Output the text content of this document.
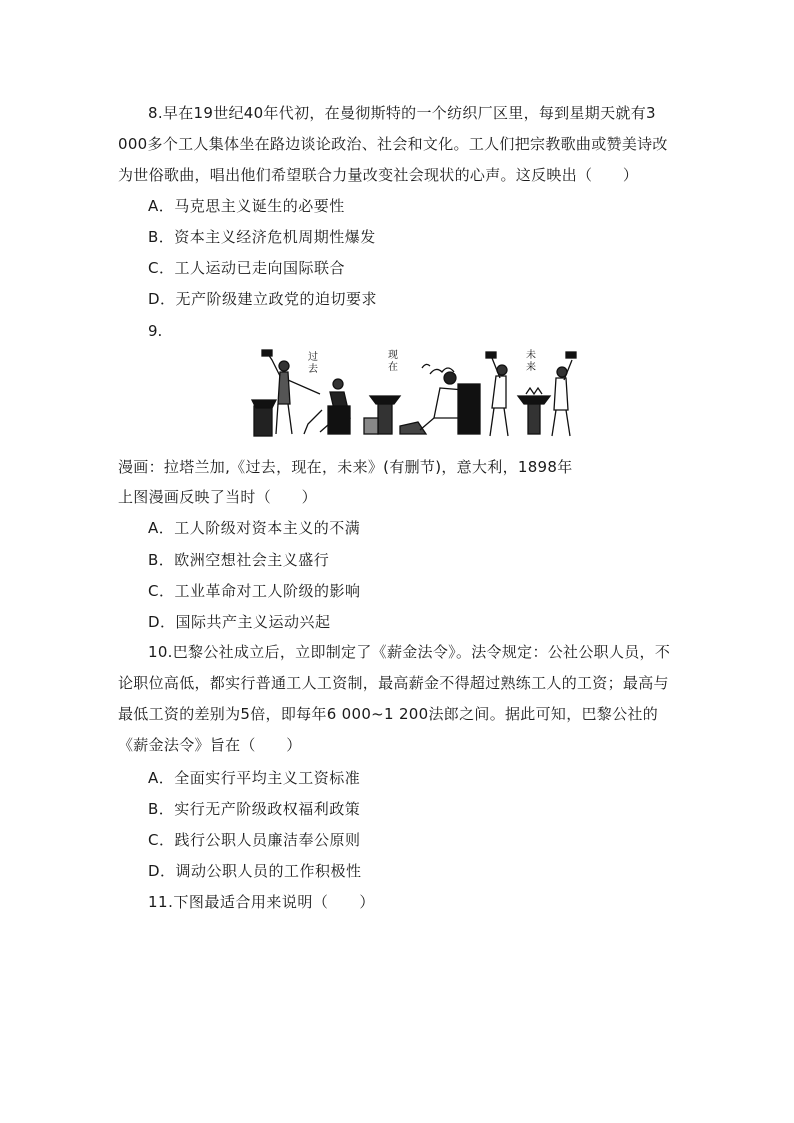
8.早在19世纪40年代初，在曼彻斯特的一个纺织厂区里，每到星期天就有3 000多个工人集体坐在路边谈论政治、社会和文化。工人们把宗教歌曲或赞美诗改为世俗歌曲，唱出他们希望联合力量改变社会现状的心声。这反映出（　　）

A．马克思主义诞生的必要性

B．资本主义经济危机周期性爆发

C．工人运动已走向国际联合

D．无产阶级建立政党的迫切要求

9.

过
去
现
在
未
来

漫画：拉塔兰加,《过去，现在，未来》(有删节)，意大利，1898年

上图漫画反映了当时（　　）

A．工人阶级对资本主义的不满

B．欧洲空想社会主义盛行

C．工业革命对工人阶级的影响

D．国际共产主义运动兴起

10.巴黎公社成立后，立即制定了《薪金法令》。法令规定：公社公职人员，不论职位高低，都实行普通工人工资制，最高薪金不得超过熟练工人的工资；最高与最低工资的差别为5倍，即每年6 000~1 200法郎之间。据此可知，巴黎公社的《薪金法令》旨在（　　）

A．全面实行平均主义工资标准

B．实行无产阶级政权福利政策

C．践行公职人员廉洁奉公原则

D．调动公职人员的工作积极性

11.下图最适合用来说明（　　）
